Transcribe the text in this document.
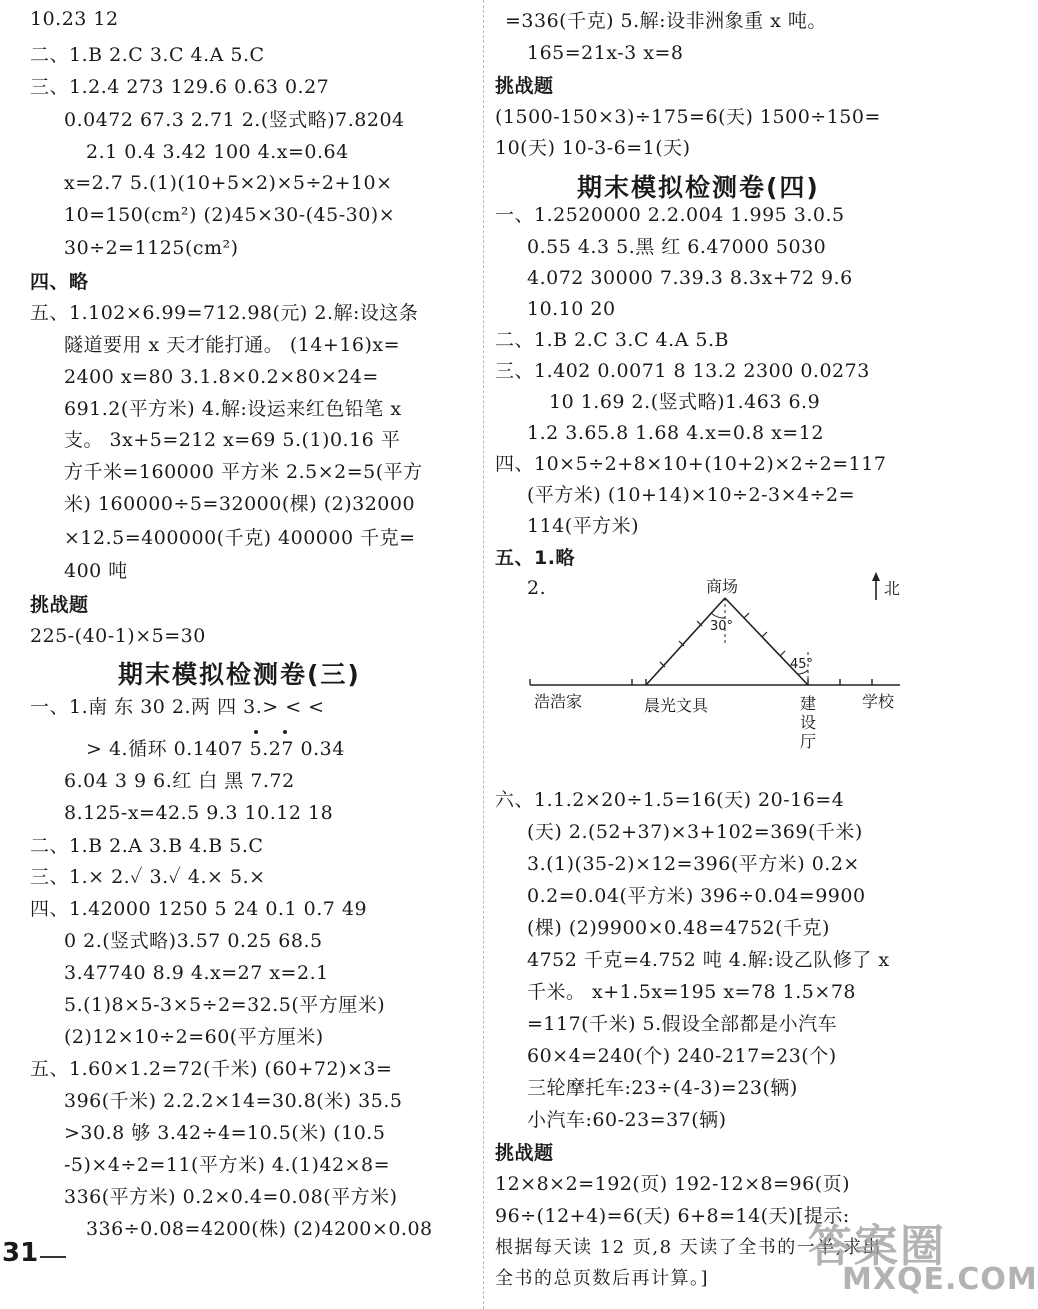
10.23 12
二、1.B 2.C 3.C 4.A 5.C
三、1.2.4 273 129.6 0.63 0.27
0.0472 67.3 2.71 2.(竖式略)7.8204
2.1 0.4 3.42 100 4.x=0.64
x=2.7 5.(1)(10+5×2)×5÷2+10×
10=150(cm²) (2)45×30-(45-30)×
30÷2=1125(cm²)
四、略
五、1.102×6.99=712.98(元) 2.解:设这条
隧道要用 x 天才能打通。 (14+16)x=
2400 x=80 3.1.8×0.2×80×24=
691.2(平方米) 4.解:设运来红色铅笔 x
支。 3x+5=212 x=69 5.(1)0.16 平
方千米=160000 平方米 2.5×2=5(平方
米) 160000÷5=32000(棵) (2)32000
×12.5=400000(千克) 400000 千克=
400 吨
挑战题
225-(40-1)×5=30
期末模拟检测卷(三)
一、1.南 东 30 2.两 四 3.> < <
> 4.循环 0.1407 5.27 0.34
6.04 3 9 6.红 白 黑 7.72
8.125-x=42.5 9.3 10.12 18
二、1.B 2.A 3.B 4.B 5.C
三、1.× 2.✓ 3.✓ 4.× 5.×
四、1.42000 1250 5 24 0.1 0.7 49
0 2.(竖式略)3.57 0.25 68.5
3.47740 8.9 4.x=27 x=2.1
5.(1)8×5-3×5÷2=32.5(平方厘米)
(2)12×10÷2=60(平方厘米)
五、1.60×1.2=72(千米) (60+72)×3=
396(千米) 2.2.2×14=30.8(米) 35.5
>30.8 够 3.42÷4=10.5(米) (10.5
-5)×4÷2=11(平方米) 4.(1)42×8=
336(平方米) 0.2×0.4=0.08(平方米)
336÷0.08=4200(株) (2)4200×0.08
=336(千克) 5.解:设非洲象重 x 吨。
165=21x-3 x=8
挑战题
(1500-150×3)÷175=6(天) 1500÷150=
10(天) 10-3-6=1(天)
期末模拟检测卷(四)
一、1.2520000 2.2.004 1.995 3.0.5
0.55 4.3 5.黑 红 6.47000 5030
4.072 30000 7.39.3 8.3x+72 9.6
10.10 20
二、1.B 2.C 3.C 4.A 5.B
三、1.402 0.0071 8 13.2 2300 0.0273
10 1.69 2.(竖式略)1.463 6.9
1.2 3.65.8 1.68 4.x=0.8 x=12
四、10×5÷2+8×10+(10+2)×2÷2=117
(平方米) (10+14)×10÷2-3×4÷2=
114(平方米)
五、1.略
2.
六、1.1.2×20÷1.5=16(天) 20-16=4
(天) 2.(52+37)×3+102=369(千米)
3.(1)(35-2)×12=396(平方米) 0.2×
0.2=0.04(平方米) 396÷0.04=9900
(棵) (2)9900×0.48=4752(千克)
4752 千克=4.752 吨 4.解:设乙队修了 x
千米。 x+1.5x=195 x=78 1.5×78
=117(千米) 5.假设全部都是小汽车
60×4=240(个) 240-217=23(个)
三轮摩托车:23÷(4-3)=23(辆)
小汽车:60-23=37(辆)
挑战题
12×8×2=192(页) 192-12×8=96(页)
96÷(12+4)=6(天) 6+8=14(天)[提示:
根据每天读 12 页,8 天读了全书的一半,求出
全书的总页数后再计算。]
商场	北
30°
45°
浩浩家	晨光文具	建
设
厅
学校
31	答案圈
MXQE.COM
